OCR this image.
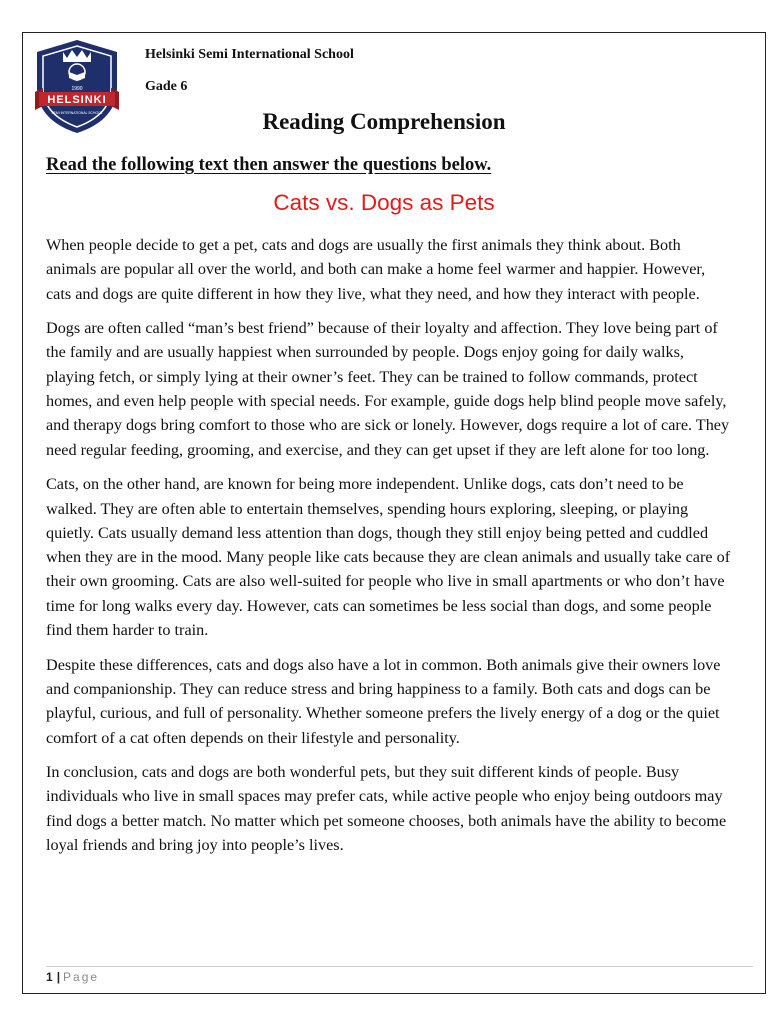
1990
HELSINKI
SEMI INTERNATIONAL SCHOOL
Helsinki Semi International School
Gade 6
Reading Comprehension
Read the following text then answer the questions below.
Cats vs. Dogs as Pets

When people decide to get a pet, cats and dogs are usually the first animals they think about. Both animals are popular all over the world, and both can make a home feel warmer and happier. However, cats and dogs are quite different in how they live, what they need, and how they interact with people.

Dogs are often called “man’s best friend” because of their loyalty and affection. They love being part of the family and are usually happiest when surrounded by people. Dogs enjoy going for daily walks, playing fetch, or simply lying at their owner’s feet. They can be trained to follow commands, protect homes, and even help people with special needs. For example, guide dogs help blind people move safely, and therapy dogs bring comfort to those who are sick or lonely. However, dogs require a lot of care. They need regular feeding, grooming, and exercise, and they can get upset if they are left alone for too long.

Cats, on the other hand, are known for being more independent. Unlike dogs, cats don’t need to be walked. They are often able to entertain themselves, spending hours exploring, sleeping, or playing quietly. Cats usually demand less attention than dogs, though they still enjoy being petted and cuddled when they are in the mood. Many people like cats because they are clean animals and usually take care of their own grooming. Cats are also well-suited for people who live in small apartments or who don’t have time for long walks every day. However, cats can sometimes be less social than dogs, and some people find them harder to train.

Despite these differences, cats and dogs also have a lot in common. Both animals give their owners love and companionship. They can reduce stress and bring happiness to a family. Both cats and dogs can be playful, curious, and full of personality. Whether someone prefers the lively energy of a dog or the quiet comfort of a cat often depends on their lifestyle and personality.

In conclusion, cats and dogs are both wonderful pets, but they suit different kinds of people. Busy individuals who live in small spaces may prefer cats, while active people who enjoy being outdoors may find dogs a better match. No matter which pet someone chooses, both animals have the ability to become loyal friends and bring joy into people’s lives.

1 | Page
